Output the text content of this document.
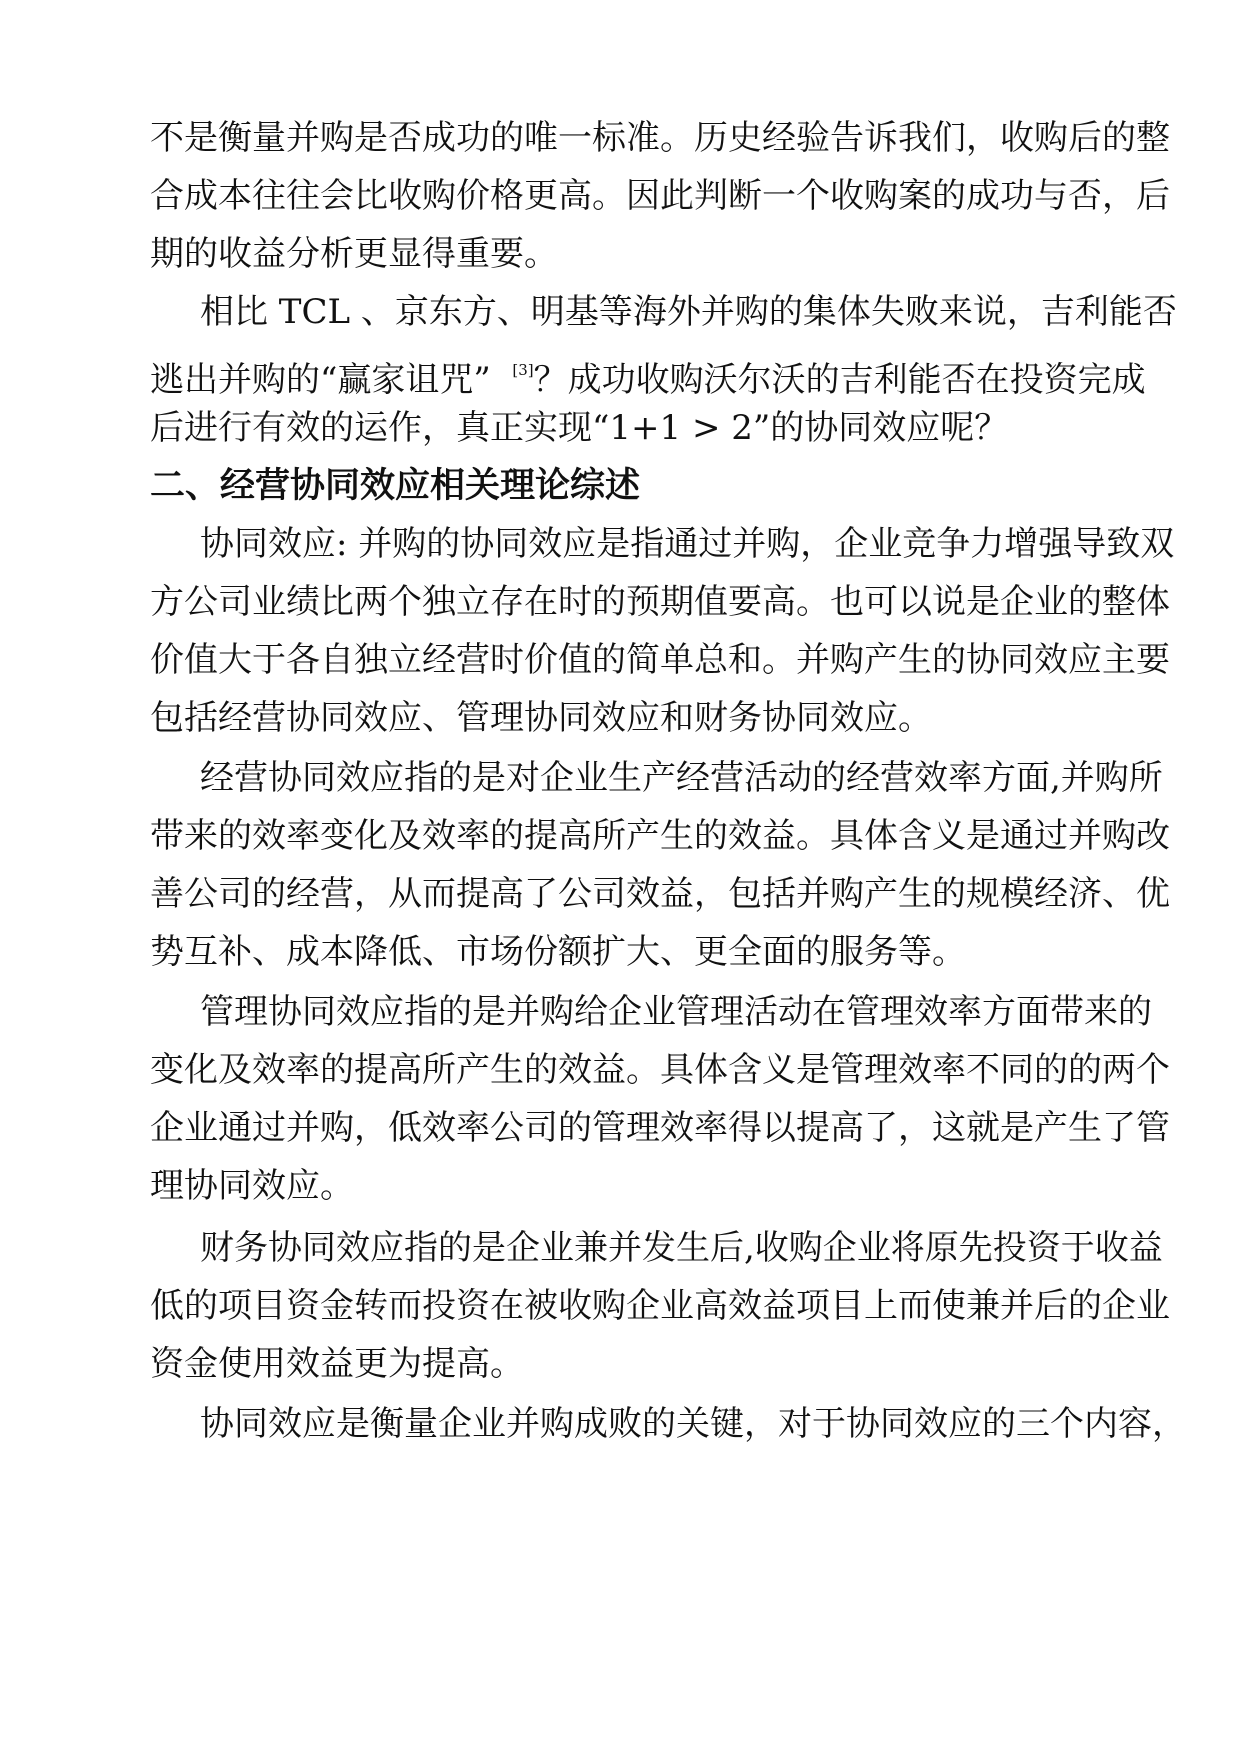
不是衡量并购是否成功的唯一标准。历史经验告诉我们，收购后的整
合成本往往会比收购价格更高。因此判断一个收购案的成功与否，后
期的收益分析更显得重要。
相比 TCL 、京东方、明基等海外并购的集体失败来说，吉利能否
逃出并购的“赢家诅咒” [3]？成功收购沃尔沃的吉利能否在投资完成
后进行有效的运作，真正实现“1+1 > 2”的协同效应呢？
二、经营协同效应相关理论综述
协同效应: 并购的协同效应是指通过并购，企业竞争力增强导致双
方公司业绩比两个独立存在时的预期值要高。也可以说是企业的整体
价值大于各自独立经营时价值的简单总和。并购产生的协同效应主要
包括经营协同效应、管理协同效应和财务协同效应。
经营协同效应指的是对企业生产经营活动的经营效率方面,并购所
带来的效率变化及效率的提高所产生的效益。具体含义是通过并购改
善公司的经营，从而提高了公司效益，包括并购产生的规模经济、优
势互补、成本降低、市场份额扩大、更全面的服务等。
管理协同效应指的是并购给企业管理活动在管理效率方面带来的
变化及效率的提高所产生的效益。具体含义是管理效率不同的的两个
企业通过并购，低效率公司的管理效率得以提高了，这就是产生了管
理协同效应。
财务协同效应指的是企业兼并发生后,收购企业将原先投资于收益
低的项目资金转而投资在被收购企业高效益项目上而使兼并后的企业
资金使用效益更为提高。
协同效应是衡量企业并购成败的关键，对于协同效应的三个内容，
